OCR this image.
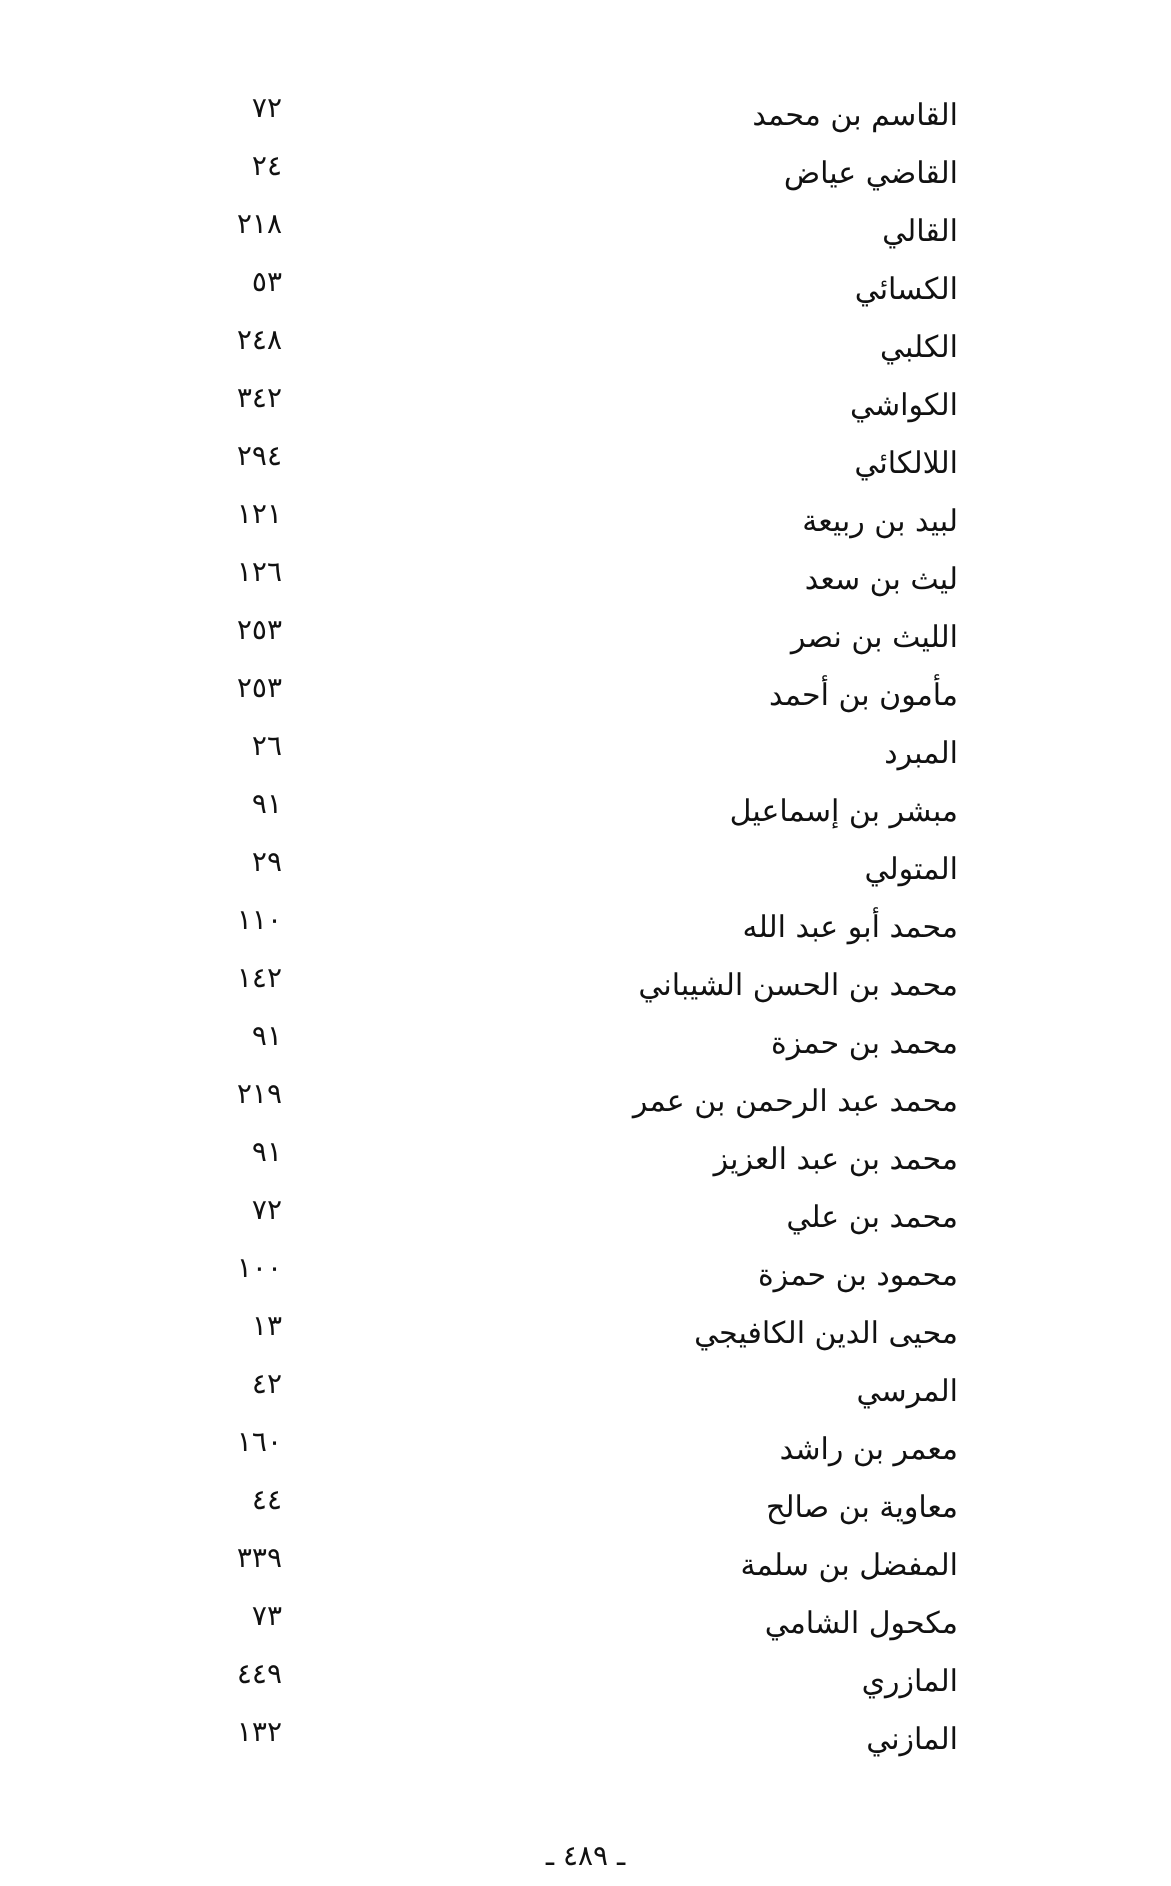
القاسم بن محمد
٧٢
القاضي عياض
٢٤
القالي
٢١٨
الكسائي
٥٣
الكلبي
٢٤٨
الكواشي
٣٤٢
اللالكائي
٢٩٤
لبيد بن ربيعة
١٢١
ليث بن سعد
١٢٦
الليث بن نصر
٢٥٣
مأمون بن أحمد
٢٥٣
المبرد
٢٦
مبشر بن إسماعيل
٩١
المتولي
٢٩
محمد أبو عبد الله
١١٠
محمد بن الحسن الشيباني
١٤٢
محمد بن حمزة
٩١
محمد عبد الرحمن بن عمر
٢١٩
محمد بن عبد العزيز
٩١
محمد بن علي
٧٢
محمود بن حمزة
١٠٠
محيى الدين الكافيجي
١٣
المرسي
٤٢
معمر بن راشد
١٦٠
معاوية بن صالح
٤٤
المفضل بن سلمة
٣٣٩
مكحول الشامي
٧٣
المازري
٤٤٩
المازني
١٣٢
ـ ٤٨٩ ـ
